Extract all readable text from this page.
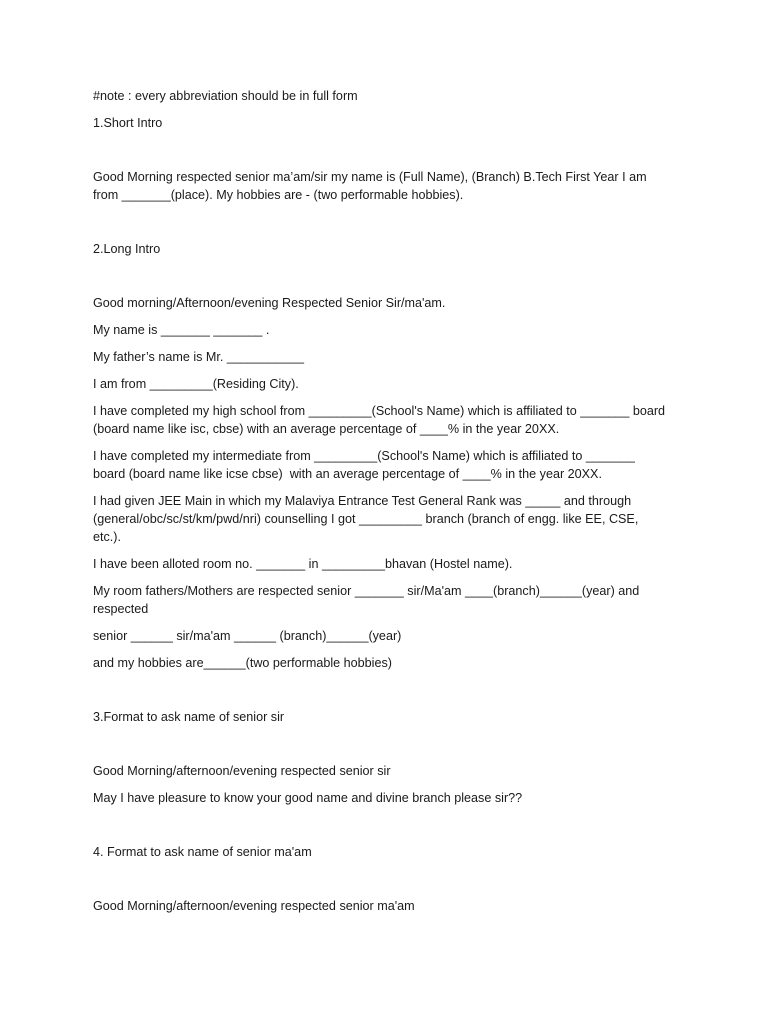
#note : every abbreviation should be in full form

1.Short Intro

Good Morning respected senior ma’am/sir my name is (Full Name), (Branch) B.Tech First Year I am from _______(place). My hobbies are - (two performable hobbies).

2.Long Intro

Good morning/Afternoon/evening Respected Senior Sir/ma'am.

My name is _______ _______ .

My father’s name is Mr. ___________

I am from _________(Residing City).

I have completed my high school from _________(School's Name) which is affiliated to _______ board (board name like isc, cbse) with an average percentage of ____% in the year 20XX.

I have completed my intermediate from _________(School's Name) which is affiliated to _______ board (board name like icse cbse)  with an average percentage of ____% in the year 20XX.

I had given JEE Main in which my Malaviya Entrance Test General Rank was _____ and through (general/obc/sc/st/km/pwd/nri) counselling I got _________ branch (branch of engg. like EE, CSE, etc.).

I have been alloted room no. _______ in _________bhavan (Hostel name).

My room fathers/Mothers are respected senior _______ sir/Ma'am ____(branch)______(year) and respected

senior ______ sir/ma'am ______ (branch)______(year)

and my hobbies are______(two performable hobbies)

3.Format to ask name of senior sir

Good Morning/afternoon/evening respected senior sir

May I have pleasure to know your good name and divine branch please sir??

4. Format to ask name of senior ma'am

Good Morning/afternoon/evening respected senior ma'am
